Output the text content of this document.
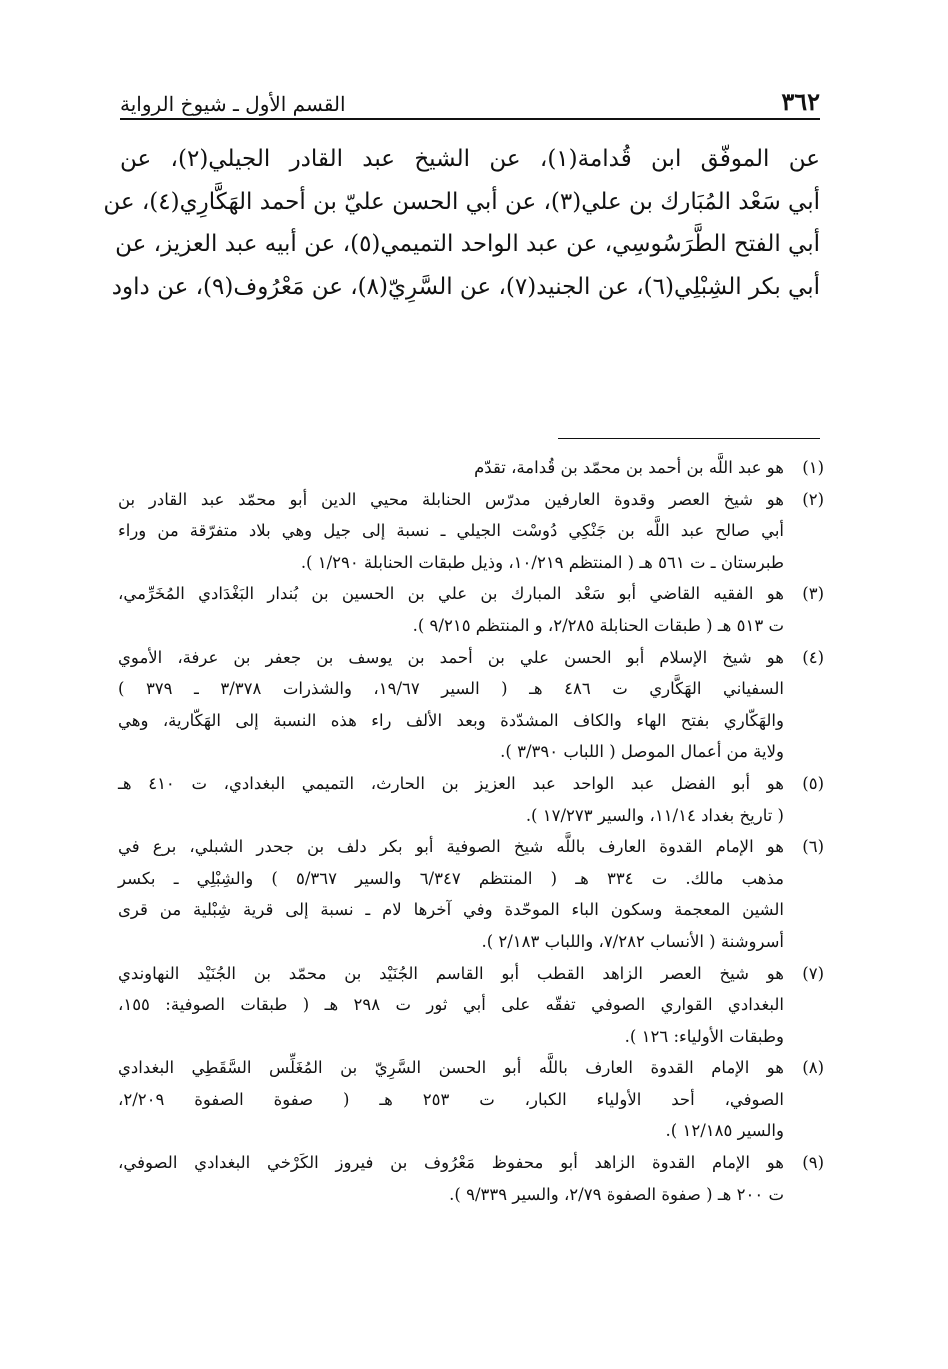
٣٦٢
القسم الأول ـ شيوخ الرواية
عن الموفّق ابن قُدامة(١)، عن الشيخ عبد القادر الجيلي(٢)، عن
أبي سَعْد المُبَارك بن علي(٣)، عن أبي الحسن عليّ بن أحمد الهَكَّارِي(٤)، عن
أبي الفتح الطَّرَسُوسِي، عن عبد الواحد التميمي(٥)، عن أبيه عبد العزيز، عن
أبي بكر الشِبْلِي(٦)، عن الجنيد(٧)، عن السَّرِيّ(٨)، عن مَعْرُوف(٩)، عن داود
(١)
هو عبد اللَّه بن أحمد بن محمّد بن قُدامة، تقدّم
(٢)
هو شيخ العصر وقدوة العارفين مدرّس الحنابلة محيي الدين أبو محمّد عبد القادر بن
أبي صالح عبد اللَّه بن جَنْكِي دُوسْت الجيلي ـ نسبة إلى جيل وهي بلاد متفرّقة من وراء
طبرستان ـ ت ٥٦١ هـ ( المنتظم ١٠/٢١٩، وذيل طبقات الحنابلة ١/٢٩٠ ).
(٣)
هو الفقيه القاضي أبو سَعْد المبارك بن علي بن الحسين بن بُندار البَغْدَادي المُخَرِّمي،
ت ٥١٣ هـ ( طبقات الحنابلة ٢/٢٨٥، و المنتظم ٩/٢١٥ ).
(٤)
هو شيخ الإسلام أبو الحسن علي بن أحمد بن يوسف بن جعفر بن عرفة، الأموي
السفياني الهَكَّاري ت ٤٨٦ هـ ( السير ١٩/٦٧، والشذرات ٣/٣٧٨ ـ ٣٧٩ )
والهَكّاري بفتح الهاء والكاف المشدّدة وبعد الألف راء هذه النسبة إلى الهَكّارية، وهي
ولاية من أعمال الموصل ( اللباب ٣/٣٩٠ ).
(٥)
هو أبو الفضل عبد الواحد عبد العزيز بن الحارث، التميمي البغدادي، ت ٤١٠ هـ
( تاريخ بغداد ١١/١٤، والسير ١٧/٢٧٣ ).
(٦)
هو الإمام القدوة العارف باللَّه شيخ الصوفية أبو بكر دلف بن جحدر الشبلي، برع في
مذهب مالك. ت ٣٣٤ هـ ( المنتظم ٦/٣٤٧ والسير ٥/٣٦٧ ) والشِبْلِي ـ بكسر
الشين المعجمة وسكون الباء الموحّدة وفي آخرها لام ـ نسبة إلى قرية شِبْلية من قرى
أسروشنة ( الأنساب ٧/٢٨٢، واللباب ٢/١٨٣ ).
(٧)
هو شيخ العصر الزاهد القطب أبو القاسم الجُنَيْد بن محمّد بن الجُنَيْد النهاوندي
البغدادي القواري الصوفي تفقّه على أبي ثور ت ٢٩٨ هـ ( طبقات الصوفية: ١٥٥،
وطبقات الأولياء: ١٢٦ ).
(٨)
هو الإمام القدوة العارف باللَّه أبو الحسن السَّرِيّ بن المُغَلِّس السَّقَطِي البغدادي
الصوفي، أحد الأولياء الكبار، ت ٢٥٣ هـ ( صفوة الصفوة ٢/٢٠٩،
والسير ١٢/١٨٥ ).
(٩)
هو الإمام القدوة الزاهد أبو محفوظ مَعْرُوف بن فيروز الكَرْخي البغدادي الصوفي،
ت ٢٠٠ هـ ( صفوة الصفوة ٢/٧٩، والسير ٩/٣٣٩ ).
